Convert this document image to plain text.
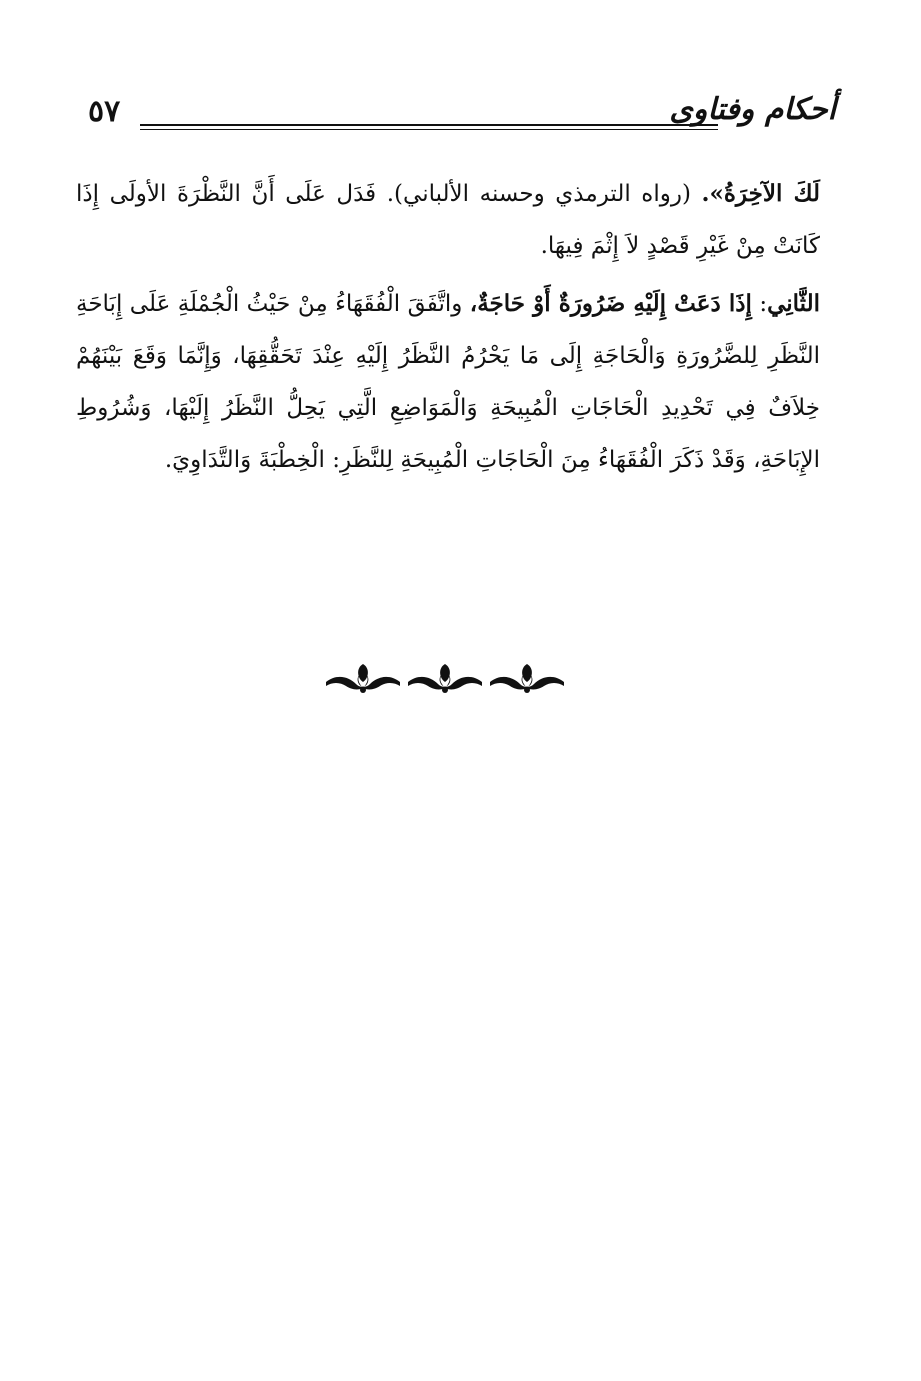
٥٧	أحكام وفتاوى

لَكَ الآخِرَةُ». (رواه الترمذي وحسنه الألباني). فَدَل عَلَى أَنَّ النَّظْرَةَ الأولَى إِذَا كَانَتْ مِنْ غَيْرِ قَصْدٍ لاَ إِثْمَ فِيهَا.

الثَّانِي: إِذَا دَعَتْ إِلَيْهِ ضَرُورَةٌ أَوْ حَاجَةٌ، واتَّفَقَ الْفُقَهَاءُ مِنْ حَيْثُ الْجُمْلَةِ عَلَى إِبَاحَةِ النَّظَرِ لِلضَّرُورَةِ وَالْحَاجَةِ إِلَى مَا يَحْرُمُ النَّظَرُ إِلَيْهِ عِنْدَ تَحَقُّقِهَا، وَإِنَّمَا وَقَعَ بَيْنَهُمْ خِلاَفٌ فِي تَحْدِيدِ الْحَاجَاتِ الْمُبِيحَةِ وَالْمَوَاضِعِ الَّتِي يَحِلُّ النَّظَرُ إِلَيْهَا، وَشُرُوطِ الإِبَاحَةِ، وَقَدْ ذَكَرَ الْفُقَهَاءُ مِنَ الْحَاجَاتِ الْمُبِيحَةِ لِلنَّظَرِ: الْخِطْبَةَ وَالتَّدَاوِيَ.
